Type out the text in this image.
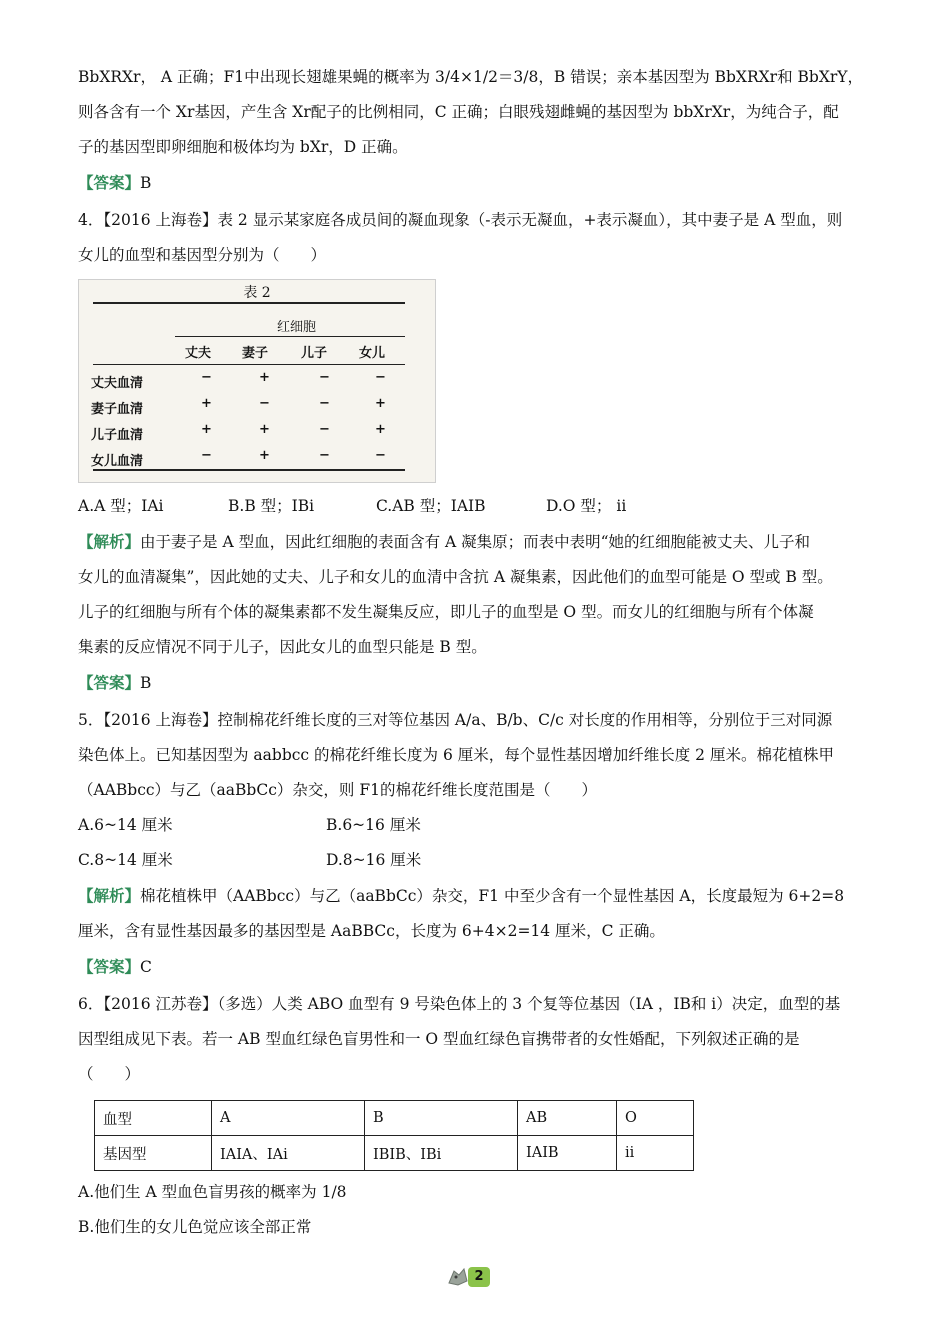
BbXRXr， A 正确；F1中出现长翅雄果蝇的概率为 3/4×1/2＝3/8，B 错误；亲本基因型为 BbXRXr和 BbXrY，

则各含有一个 Xr基因，产生含 Xr配子的比例相同，C 正确；白眼残翅雌蝇的基因型为 bbXrXr，为纯合子，配

子的基因型即卵细胞和极体均为 bXr，D 正确。

【答案】B

4．【2016 上海卷】表 2 显示某家庭各成员间的凝血现象（-表示无凝血，+表示凝血），其中妻子是 A 型血，则

女儿的血型和基因型分别为（　　）

表 2
红细胞
丈夫 妻子	儿子 女儿
丈夫血清	−	+	−	−
妻子血清	+	−	−	+
儿子血清	+	+	−	+
女儿血清	−	+	−	−
A.A 型；IAi	B.B 型；IBi	C.AB 型；IAIB	D.O 型； ii

【解析】由于妻子是 A 型血，因此红细胞的表面含有 A 凝集原；而表中表明“她的红细胞能被丈夫、儿子和

女儿的血清凝集”，因此她的丈夫、儿子和女儿的血清中含抗 A 凝集素，因此他们的血型可能是 O 型或 B 型。

儿子的红细胞与所有个体的凝集素都不发生凝集反应，即儿子的血型是 O 型。而女儿的红细胞与所有个体凝

集素的反应情况不同于儿子，因此女儿的血型只能是 B 型。

【答案】B

5．【2016 上海卷】控制棉花纤维长度的三对等位基因 A/a、B/b、C/c 对长度的作用相等，分别位于三对同源

染色体上。已知基因型为 aabbcc 的棉花纤维长度为 6 厘米，每个显性基因增加纤维长度 2 厘米。棉花植株甲

（AABbcc）与乙（aaBbCc）杂交，则 F1的棉花纤维长度范围是（　　）

A.6~14 厘米	B.6~16 厘米
C.8~14 厘米	D.8~16 厘米

【解析】棉花植株甲（AABbcc）与乙（aaBbCc）杂交，F1 中至少含有一个显性基因 A，长度最短为 6+2=8

厘米，含有显性基因最多的基因型是 AaBBCc，长度为 6+4×2=14 厘米，C 正确。

【答案】C

6．【2016 江苏卷】（多选）人类 ABO 血型有 9 号染色体上的 3 个复等位基因（IA ，IB和 i）决定，血型的基

因型组成见下表。若一 AB 型血红绿色盲男性和一 O 型血红绿色盲携带者的女性婚配，下列叙述正确的是

（　　）

血型	A	B	AB	O
基因型	IAIA、IAi	IBIB、IBi	IAIB	ii

A.他们生 A 型血色盲男孩的概率为 1/8

B.他们生的女儿色觉应该全部正常

2
